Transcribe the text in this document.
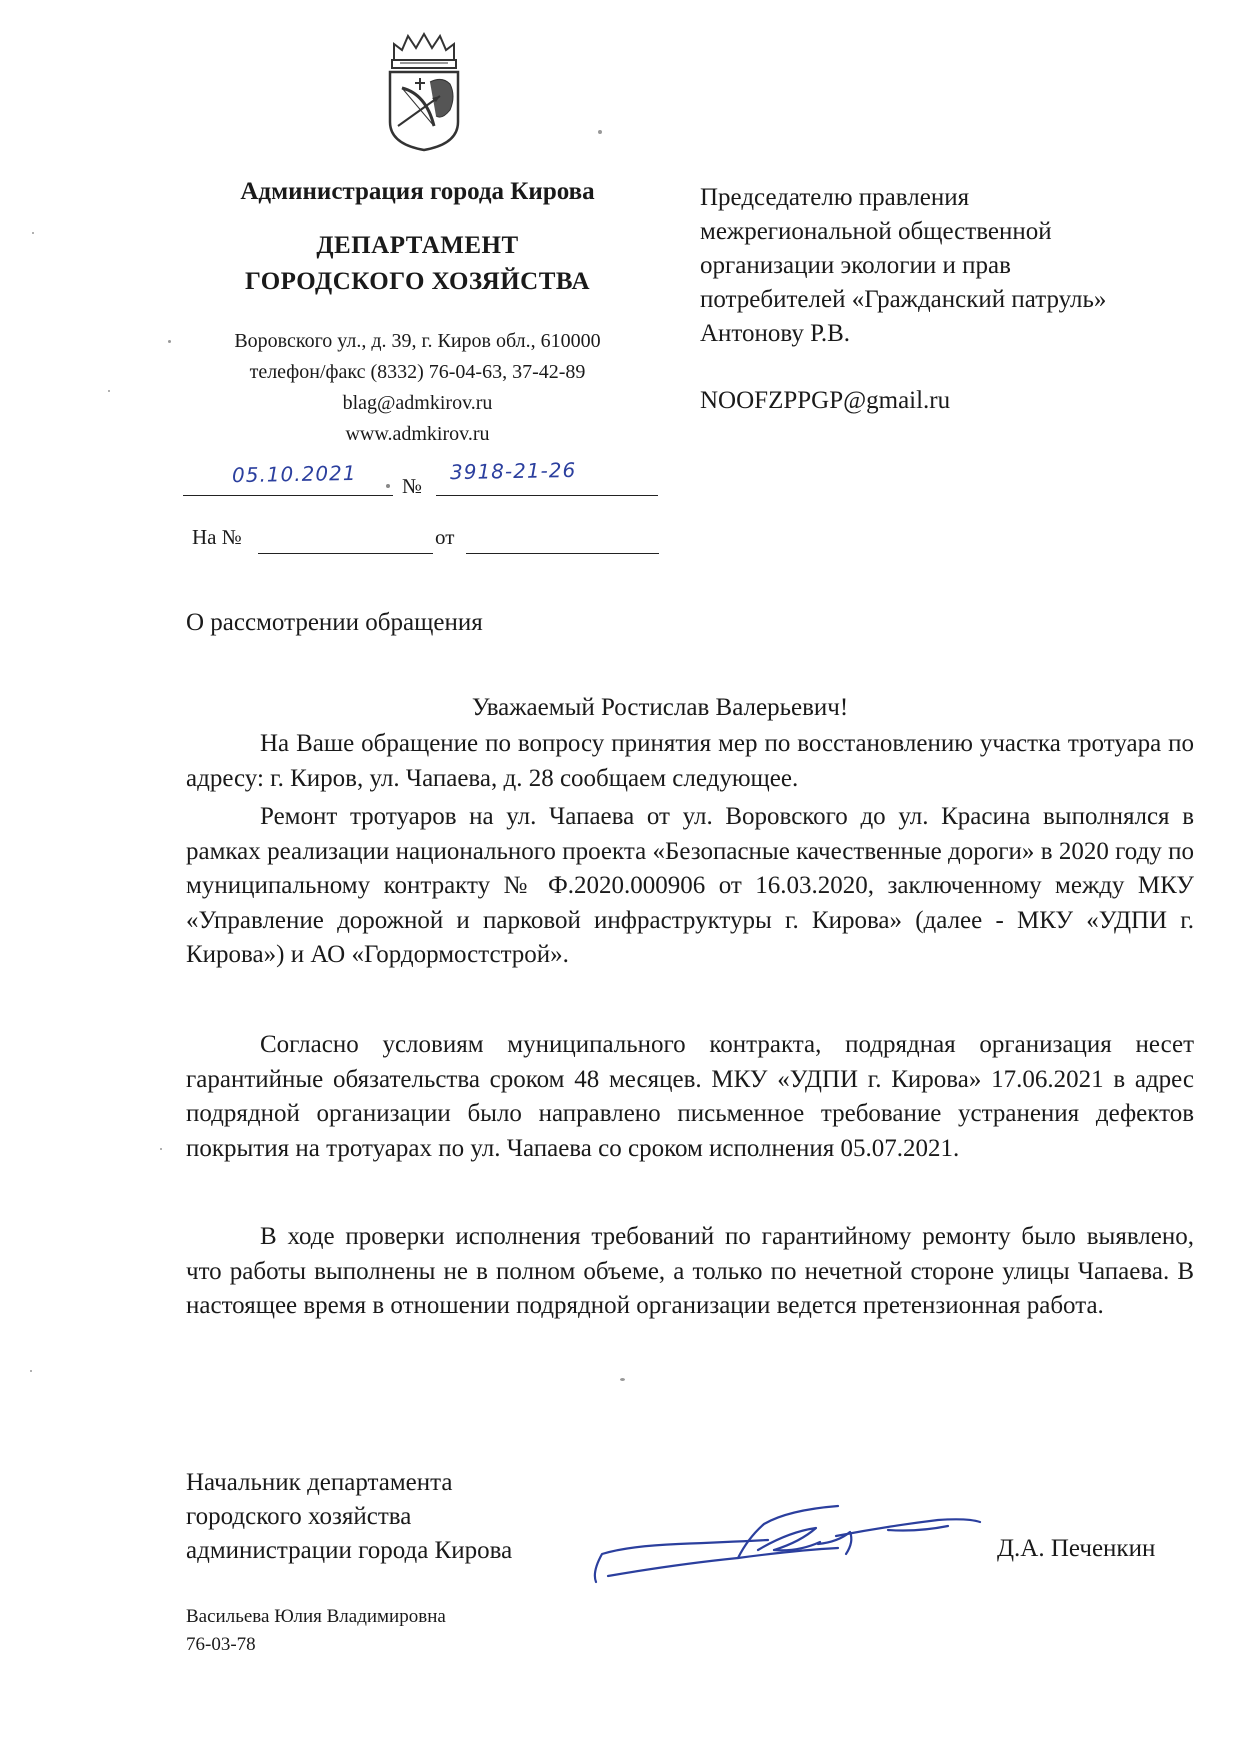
Администрация города Кирова
ДЕПАРТАМЕНТ
ГОРОДСКОГО ХОЗЯЙСТВА
Воровского ул., д. 39, г. Киров обл., 610000
телефон/факс (8332) 76-04-63, 37-42-89
blag@admkirov.ru
www.admkirov.ru
05.10.2021 №
3918-21-26
На №	от
Председателю правления
межрегиональной общественной
организации экологии и прав
потребителей «Гражданский патруль»
Антонову Р.В.
NOOFZPPGP@gmail.ru
О рассмотрении обращения
Уважаемый Ростислав Валерьевич!
На Ваше обращение по вопросу принятия мер по восстановлению участка тротуара по адресу: г. Киров, ул. Чапаева, д. 28 сообщаем следующее.
Ремонт тротуаров на ул. Чапаева от ул. Воровского до ул. Красина выполнялся в рамках реализации национального проекта «Безопасные качественные дороги» в 2020 году по муниципальному контракту № Ф.2020.000906 от 16.03.2020, заключенному между МКУ «Управление дорожной и парковой инфраструктуры г. Кирова» (далее - МКУ «УДПИ г. Кирова») и АО «Гордормостстрой».
Согласно условиям муниципального контракта, подрядная организация несет гарантийные обязательства сроком 48 месяцев. МКУ «УДПИ г. Кирова» 17.06.2021 в адрес подрядной организации было направлено письменное требование устранения дефектов покрытия на тротуарах по ул. Чапаева со сроком исполнения 05.07.2021.
В ходе проверки исполнения требований по гарантийному ремонту было выявлено, что работы выполнены не в полном объеме, а только по нечетной стороне улицы Чапаева. В настоящее время в отношении подрядной организации ведется претензионная работа.
Начальник департамента
городского хозяйства
администрации города Кирова	Д.А. Печенкин
Васильева Юлия Владимировна
76-03-78
